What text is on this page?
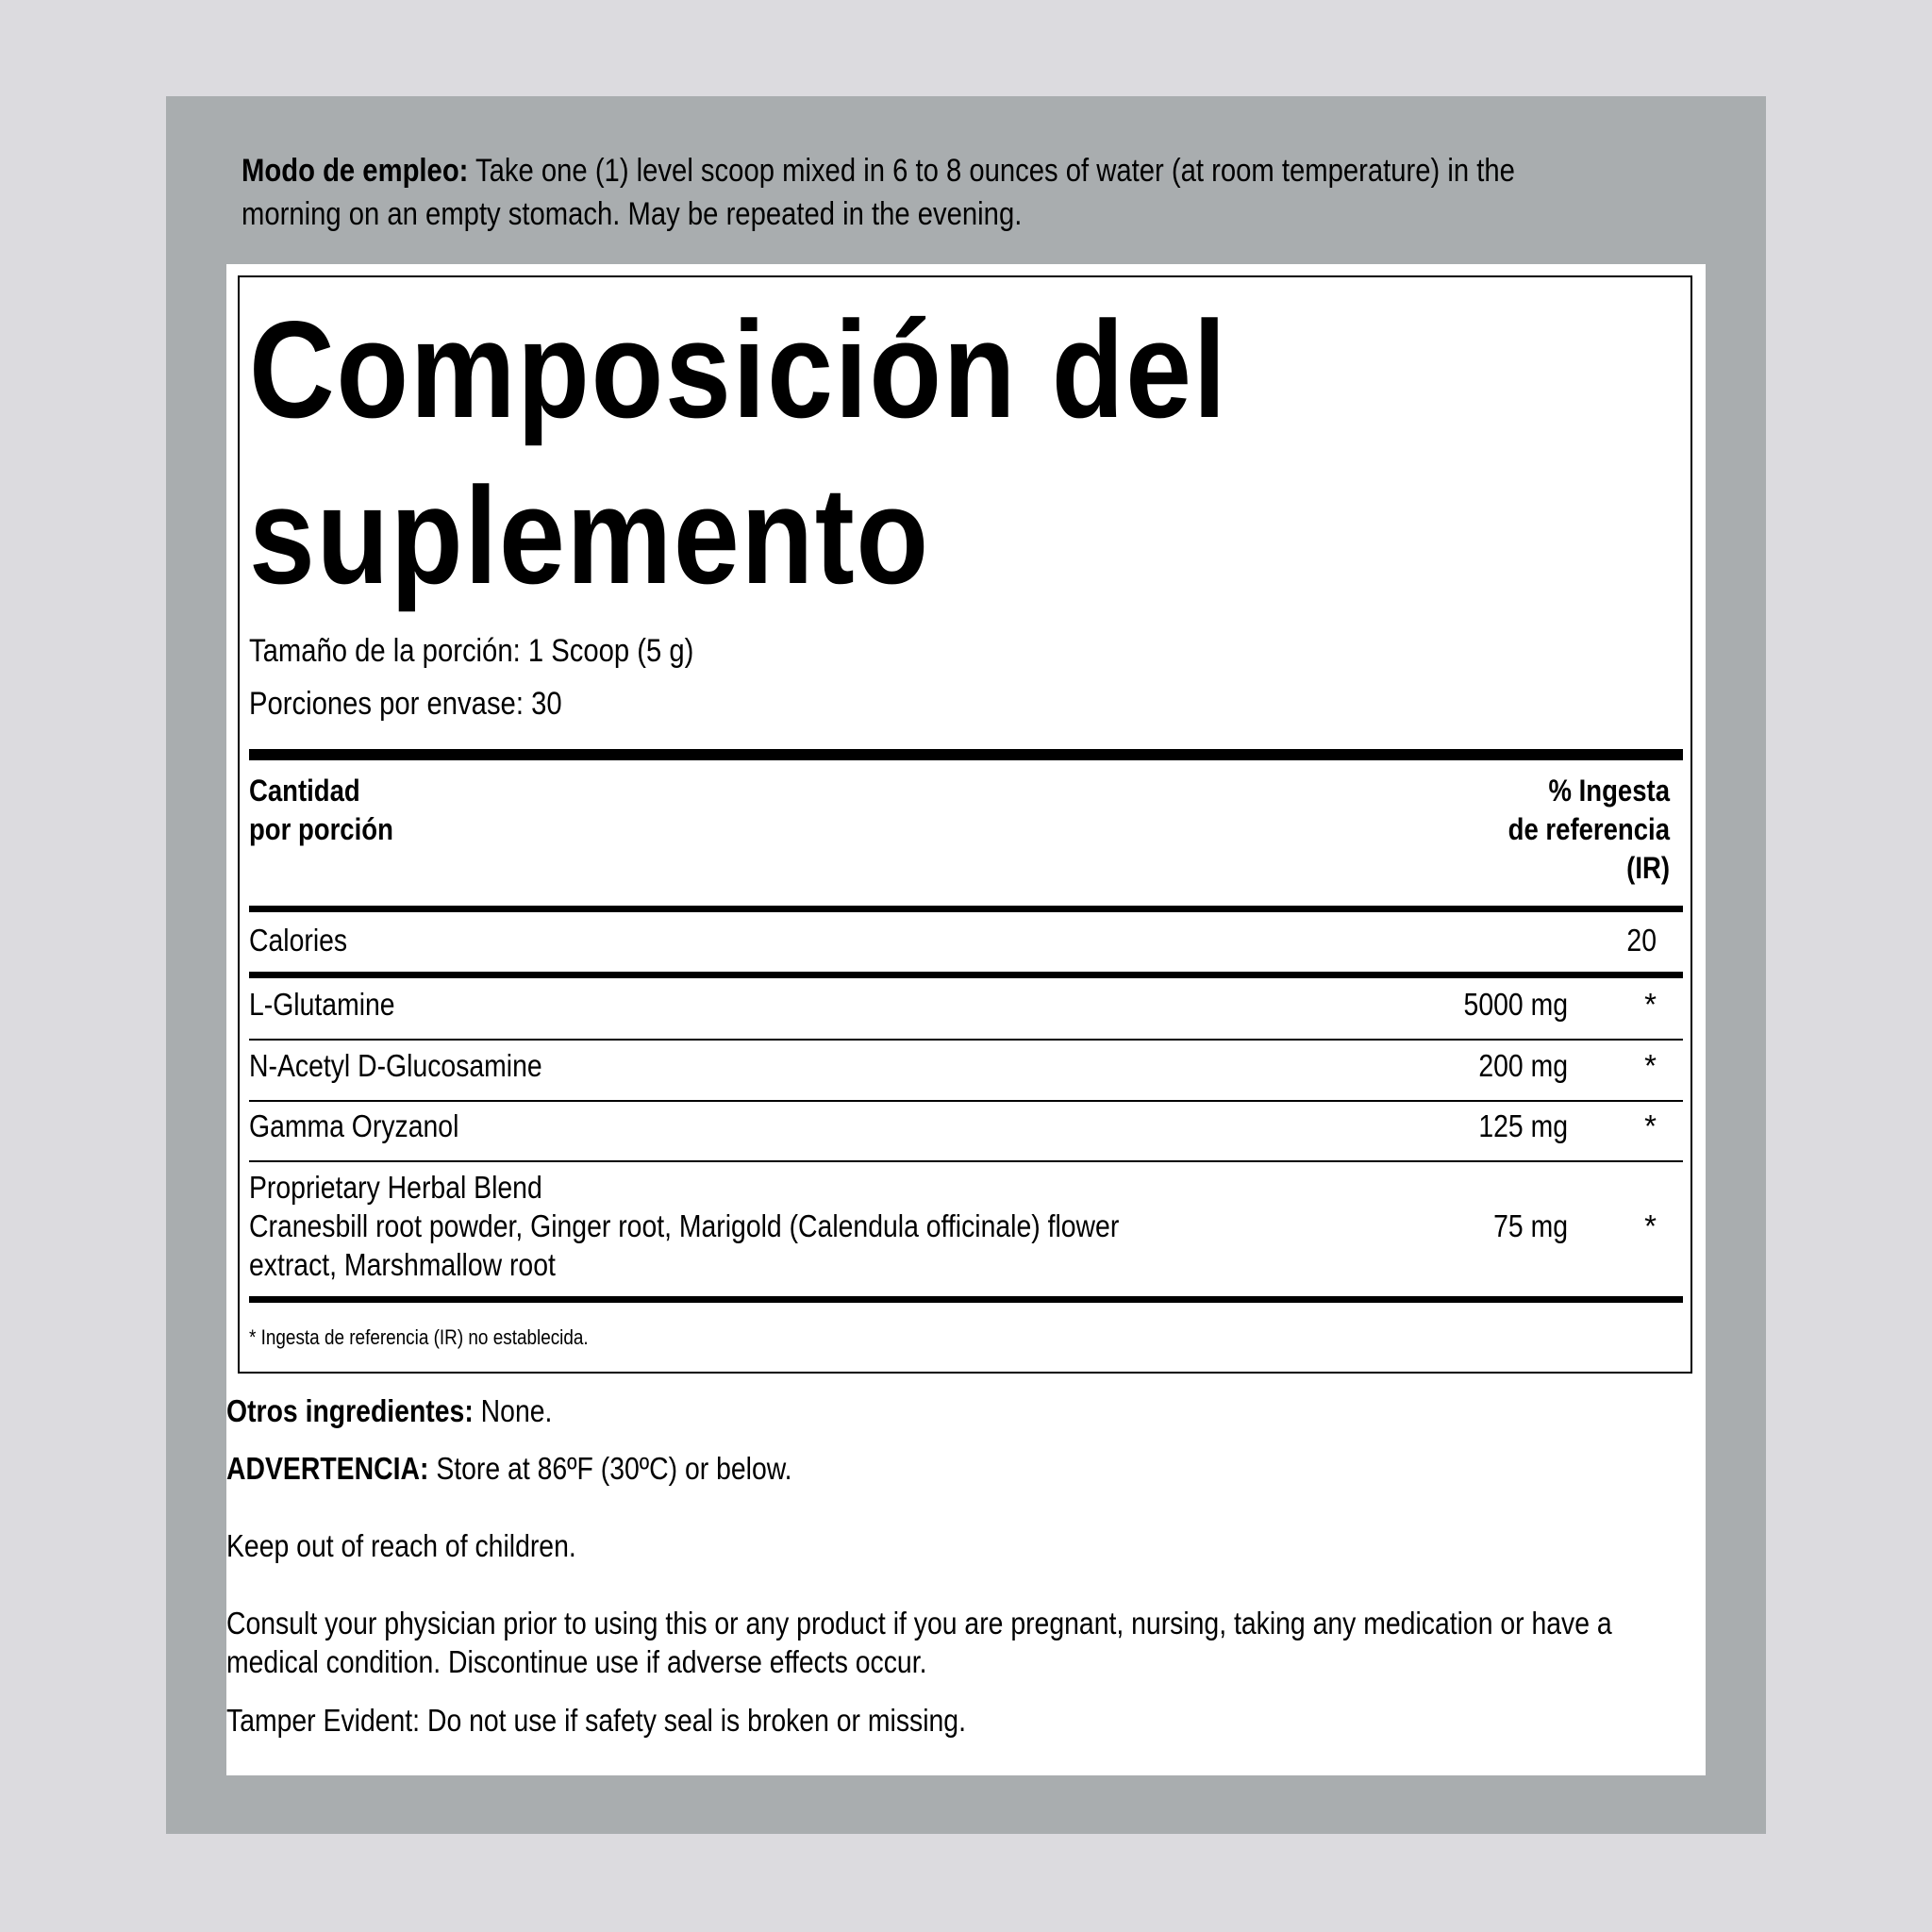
Modo de empleo: Take one (1) level scoop mixed in 6 to 8 ounces of water (at room temperature) in the
morning on an empty stomach. May be repeated in the evening.
Composición del
suplemento
Tamaño de la porción: 1 Scoop (5 g)
Porciones por envase: 30
Cantidad
por porción
% Ingesta
de referencia
(IR)
Calories	20
L-Glutamine	5000 mg	*
N-Acetyl D-Glucosamine	200 mg	*
Gamma Oryzanol	125 mg	*
Proprietary Herbal Blend
Cranesbill root powder, Ginger root, Marigold (Calendula officinale) flower
extract, Marshmallow root
75 mg	*
* Ingesta de referencia (IR) no establecida.
Otros ingredientes: None.
ADVERTENCIA: Store at 86ºF (30ºC) or below.
Keep out of reach of children.
Consult your physician prior to using this or any product if you are pregnant, nursing, taking any medication or have a
medical condition. Discontinue use if adverse effects occur.
Tamper Evident: Do not use if safety seal is broken or missing.
